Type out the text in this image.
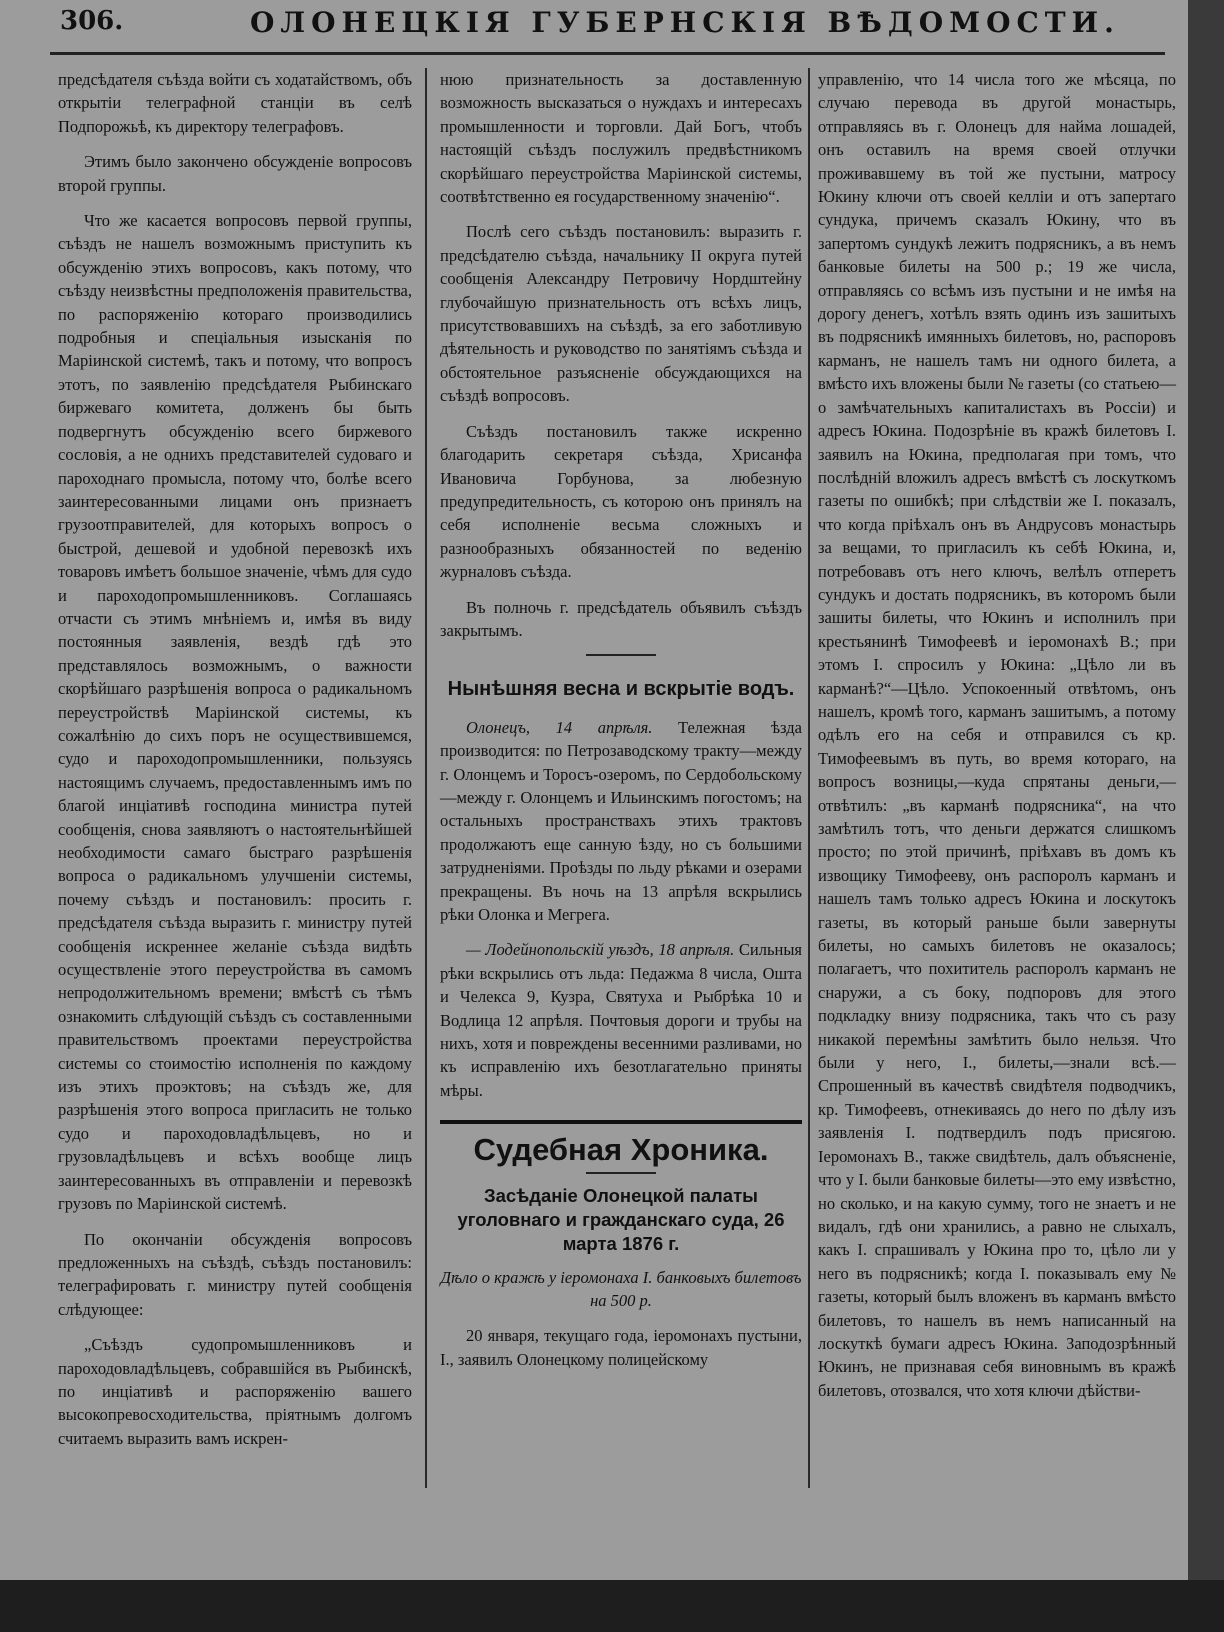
306.	ОЛОНЕЦКІЯ ГУБЕРНСКІЯ ВѢДОМОСТИ.

предсѣдателя съѣзда войти съ ходатайствомъ, объ открытіи телеграфной станціи въ селѣ Подпорожьѣ, къ директору телеграфовъ.

Этимъ было закончено обсужденіе вопросовъ второй группы.

Что же касается вопросовъ первой группы, съѣздъ не нашелъ возможнымъ приступить къ обсужденію этихъ вопросовъ, какъ потому, что съѣзду неизвѣстны предположенія правительства, по распоряженію котораго производились подробныя и спеціальныя изысканія по Маріинской системѣ, такъ и потому, что вопросъ этотъ, по заявленію предсѣдателя Рыбинскаго биржеваго комитета, долженъ бы быть подвергнутъ обсужденію всего биржевого сословія, а не однихъ представителей судоваго и пароходнаго промысла, потому что, болѣе всего заинтересованными лицами онъ признаетъ грузоотправителей, для которыхъ вопросъ о быстрой, дешевой и удобной перевозкѣ ихъ товаровъ имѣетъ большое значеніе, чѣмъ для судо и пароходопромышленниковъ. Соглашаясь отчасти съ этимъ мнѣніемъ и, имѣя въ виду постоянныя заявленія, вездѣ гдѣ это представлялось возможнымъ, о важности скорѣйшаго разрѣшенія вопроса о радикальномъ переустройствѣ Маріинской системы, къ сожалѣнію до сихъ поръ не осуществившемся, судо и пароходопромышленники, пользуясь настоящимъ случаемъ, предоставленнымъ имъ по благой инціативѣ господина министра путей сообщенія, снова заявляютъ о настоятельнѣйшей необходимости самаго быстраго разрѣшенія вопроса о радикальномъ улучшеніи системы, почему съѣздъ и постановилъ: просить г. предсѣдателя съѣзда выразить г. министру путей сообщенія искреннее желаніе съѣзда видѣть осуществленіе этого переустройства въ самомъ непродолжительномъ времени; вмѣстѣ съ тѣмъ ознакомить слѣдующій съѣздъ съ составленными правительствомъ проектами переустройства системы со стоимостію исполненія по каждому изъ этихъ проэктовъ; на съѣздъ же, для разрѣшенія этого вопроса пригласить не только судо и пароходовладѣльцевъ, но и грузовладѣльцевъ и всѣхъ вообще лицъ заинтересованныхъ въ отправленіи и перевозкѣ грузовъ по Маріинской системѣ.

По окончаніи обсужденія вопросовъ предложенныхъ на съѣздѣ, съѣздъ постановилъ: телеграфировать г. министру путей сообщенія слѣдующее:

„Съѣздъ судопромышленниковъ и пароходовладѣльцевъ, собравшійся въ Рыбинскѣ, по инціативѣ и распоряженію вашего высокопревосходительства, пріятнымъ долгомъ считаемъ выразить вамъ искрен-

нюю признательность за доставленную возможность высказаться о нуждахъ и интересахъ промышленности и торговли. Дай Богъ, чтобъ настоящій съѣздъ послужилъ предвѣстникомъ скорѣйшаго переустройства Маріинской системы, соотвѣтственно ея государственному значенію“.

Послѣ сего съѣздъ постановилъ: выразить г. предсѣдателю съѣзда, начальнику II округа путей сообщенія Александру Петровичу Нордштейну глубочайшую признательность отъ всѣхъ лицъ, присутствовавшихъ на съѣздѣ, за его заботливую дѣятельность и руководство по занятіямъ съѣзда и обстоятельное разъясненіе обсуждающихся на съѣздѣ вопросовъ.

Съѣздъ постановилъ также искренно благодарить секретаря съѣзда, Хрисанфа Ивановича Горбунова, за любезную предупредительность, съ которою онъ принялъ на себя исполненіе весьма сложныхъ и разнообразныхъ обязанностей по веденію журналовъ съѣзда.

Въ полночь г. предсѣдатель объявилъ съѣздъ закрытымъ.

Нынѣшняя весна и вскрытіе водъ.

Олонецъ, 14 апрѣля. Тележная ѣзда производится: по Петрозаводскому тракту—между г. Олонцемъ и Торосъ-озеромъ, по Сердобольскому—между г. Олонцемъ и Ильинскимъ погостомъ; на остальныхъ пространствахъ этихъ трактовъ продолжаютъ еще санную ѣзду, но съ большими затрудненіями. Проѣзды по льду рѣками и озерами прекращены. Въ ночь на 13 апрѣля вскрылись рѣки Олонка и Мегрега.

— Лодейнопольскій уѣздъ, 18 апрѣля. Сильныя рѣки вскрылись отъ льда: Педажма 8 числа, Ошта и Челекса 9, Кузра, Святуха и Рыбрѣка 10 и Водлица 12 апрѣля. Почтовыя дороги и трубы на нихъ, хотя и повреждены весенними разливами, но къ исправленію ихъ безотлагательно приняты мѣры.

Судебная Хроника.
Засѣданіе Олонецкой палаты уголовнаго и гражданскаго суда, 26 марта 1876 г.

Дѣло о кражѣ у іеромонаха І. банковыхъ билетовъ на 500 р.

20 января, текущаго года, іеромонахъ пустыни, І., заявилъ Олонецкому полицейскому

управленію, что 14 числа того же мѣсяца, по случаю перевода въ другой монастырь, отправляясь въ г. Олонецъ для найма лошадей, онъ оставилъ на время своей отлучки проживавшему въ той же пустыни, матросу Юкину ключи отъ своей келліи и отъ запертаго сундука, причемъ сказалъ Юкину, что въ запертомъ сундукѣ лежитъ подрясникъ, а въ немъ банковые билеты на 500 р.; 19 же числа, отправляясь со всѣмъ изъ пустыни и не имѣя на дорогу денегъ, хотѣлъ взять одинъ изъ зашитыхъ въ подрясникѣ имянныхъ билетовъ, но, распоровъ карманъ, не нашелъ тамъ ни одного билета, а вмѣсто ихъ вложены были № газеты (со статьею—о замѣчательныхъ капиталистахъ въ Россіи) и адресъ Юкина. Подозрѣніе въ кражѣ билетовъ І. заявилъ на Юкина, предполагая при томъ, что послѣдній вложилъ адресъ вмѣстѣ съ лоскуткомъ газеты по ошибкѣ; при слѣдствіи же І. показалъ, что когда пріѣхалъ онъ въ Андрусовъ монастырь за вещами, то пригласилъ къ себѣ Юкина, и, потребовавъ отъ него ключъ, велѣлъ отперетъ сундукъ и достать подрясникъ, въ которомъ были зашиты билеты, что Юкинъ и исполнилъ при крестьянинѣ Тимофеевѣ и іеромонахѣ В.; при этомъ І. спросилъ у Юкина: „Цѣло ли въ карманѣ?“—Цѣло. Успокоенный отвѣтомъ, онъ нашелъ, кромѣ того, карманъ зашитымъ, а потому одѣлъ его на себя и отправился съ кр. Тимофеевымъ въ путь, во время котораго, на вопросъ возницы,—куда спрятаны деньги,—отвѣтилъ: „въ карманѣ подрясника“, на что замѣтилъ тотъ, что деньги держатся слишкомъ просто; по этой причинѣ, пріѣхавъ въ домъ къ извощику Тимофееву, онъ распоролъ карманъ и нашелъ тамъ только адресъ Юкина и лоскутокъ газеты, въ который раньше были завернуты билеты, но самыхъ билетовъ не оказалось; полагаетъ, что похититель распоролъ карманъ не снаружи, а съ боку, подпоровъ для этого подкладку внизу подрясника, такъ что съ разу никакой перемѣны замѣтить было нельзя. Что были у него, І., билеты,—знали всѣ.—Спрошенный въ качествѣ свидѣтеля подводчикъ, кр. Тимофеевъ, отнекиваясь до него по дѣлу изъ заявленія І. подтвердилъ подъ присягою. Іеромонахъ В., также свидѣтель, далъ объясненіе, что у І. были банковые билеты—это ему извѣстно, но сколько, и на какую сумму, того не знаетъ и не видалъ, гдѣ они хранились, а равно не слыхалъ, какъ І. спрашивалъ у Юкина про то, цѣло ли у него въ подрясникѣ; когда І. показывалъ ему № газеты, который былъ вложенъ въ карманъ вмѣсто билетовъ, то нашелъ въ немъ написанный на лоскуткѣ бумаги адресъ Юкина. Заподозрѣнный Юкинъ, не признавая себя виновнымъ въ кражѣ билетовъ, отозвался, что хотя ключи дѣйстви-
